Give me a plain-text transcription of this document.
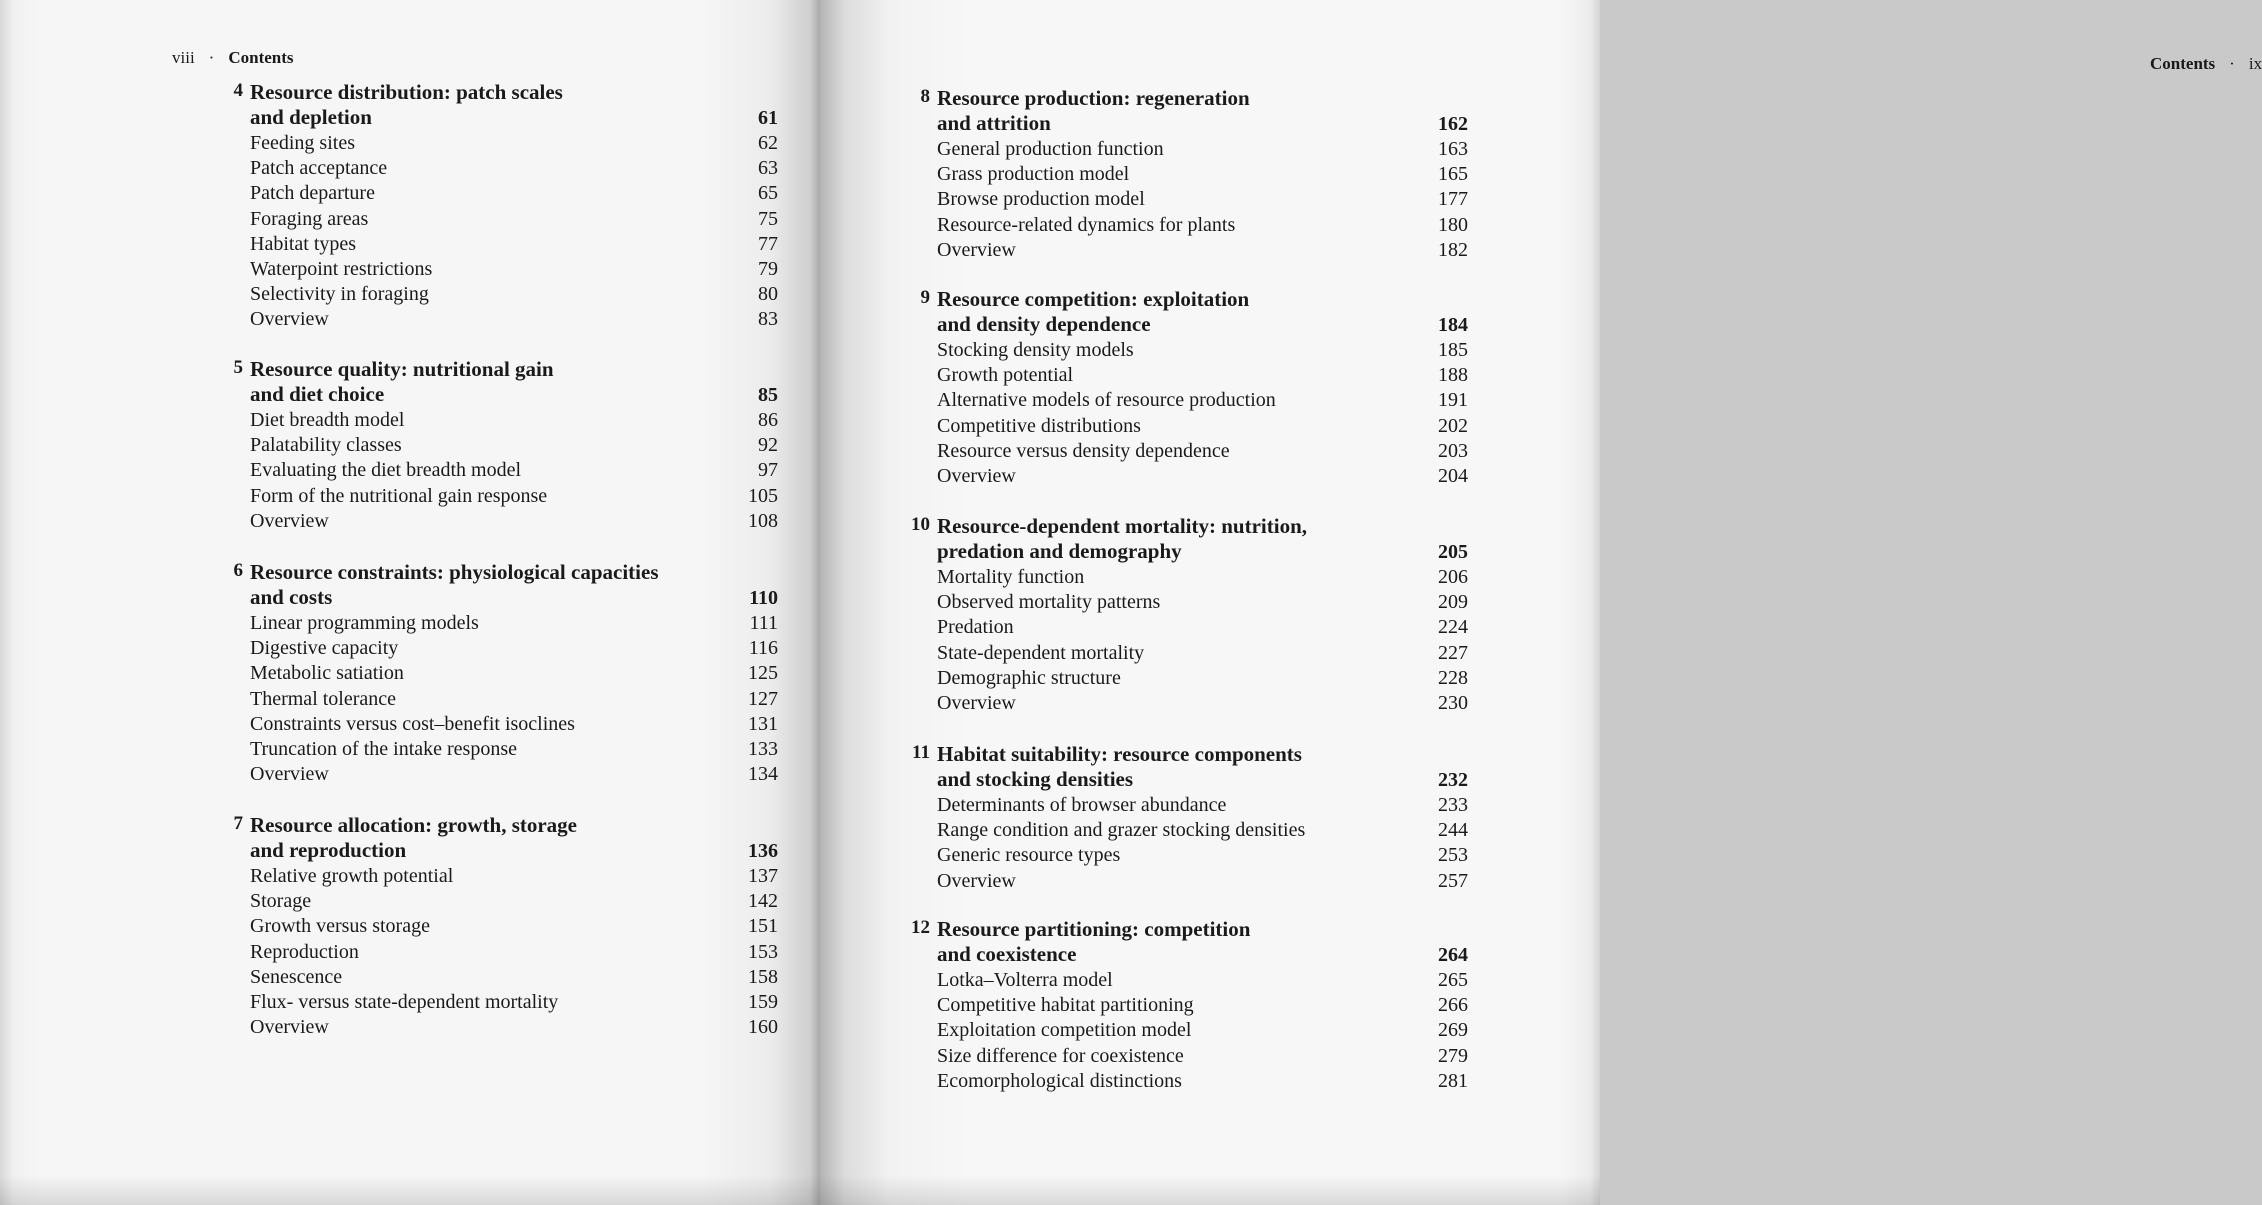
viii · Contents
4 Resource distribution: patch scales
and depletion	61
Feeding sites	62
Patch acceptance	63
Patch departure	65
Foraging areas	75
Habitat types	77
Waterpoint restrictions	79
Selectivity in foraging	80
Overview	83
5 Resource quality: nutritional gain
and diet choice	85
Diet breadth model	86
Palatability classes	92
Evaluating the diet breadth model	97
Form of the nutritional gain response	105
Overview	108
6 Resource constraints: physiological capacities
and costs	110
Linear programming models	111
Digestive capacity	116
Metabolic satiation	125
Thermal tolerance	127
Constraints versus cost–benefit isoclines	131
Truncation of the intake response	133
Overview	134
7 Resource allocation: growth, storage
and reproduction	136
Relative growth potential	137
Storage	142
Growth versus storage	151
Reproduction	153
Senescence	158
Flux- versus state-dependent mortality	159
Overview	160
Contents · ix
8 Resource production: regeneration
and attrition	162
General production function	163
Grass production model	165
Browse production model	177
Resource-related dynamics for plants	180
Overview	182
9 Resource competition: exploitation
and density dependence	184
Stocking density models	185
Growth potential	188
Alternative models of resource production	191
Competitive distributions	202
Resource versus density dependence	203
Overview	204
10 Resource-dependent mortality: nutrition,
predation and demography	205
Mortality function	206
Observed mortality patterns	209
Predation	224
State-dependent mortality	227
Demographic structure	228
Overview	230
11 Habitat suitability: resource components
and stocking densities	232
Determinants of browser abundance	233
Range condition and grazer stocking densities	244
Generic resource types	253
Overview	257
12 Resource partitioning: competition
and coexistence	264
Lotka–Volterra model	265
Competitive habitat partitioning	266
Exploitation competition model	269
Size difference for coexistence	279
Ecomorphological distinctions	281
